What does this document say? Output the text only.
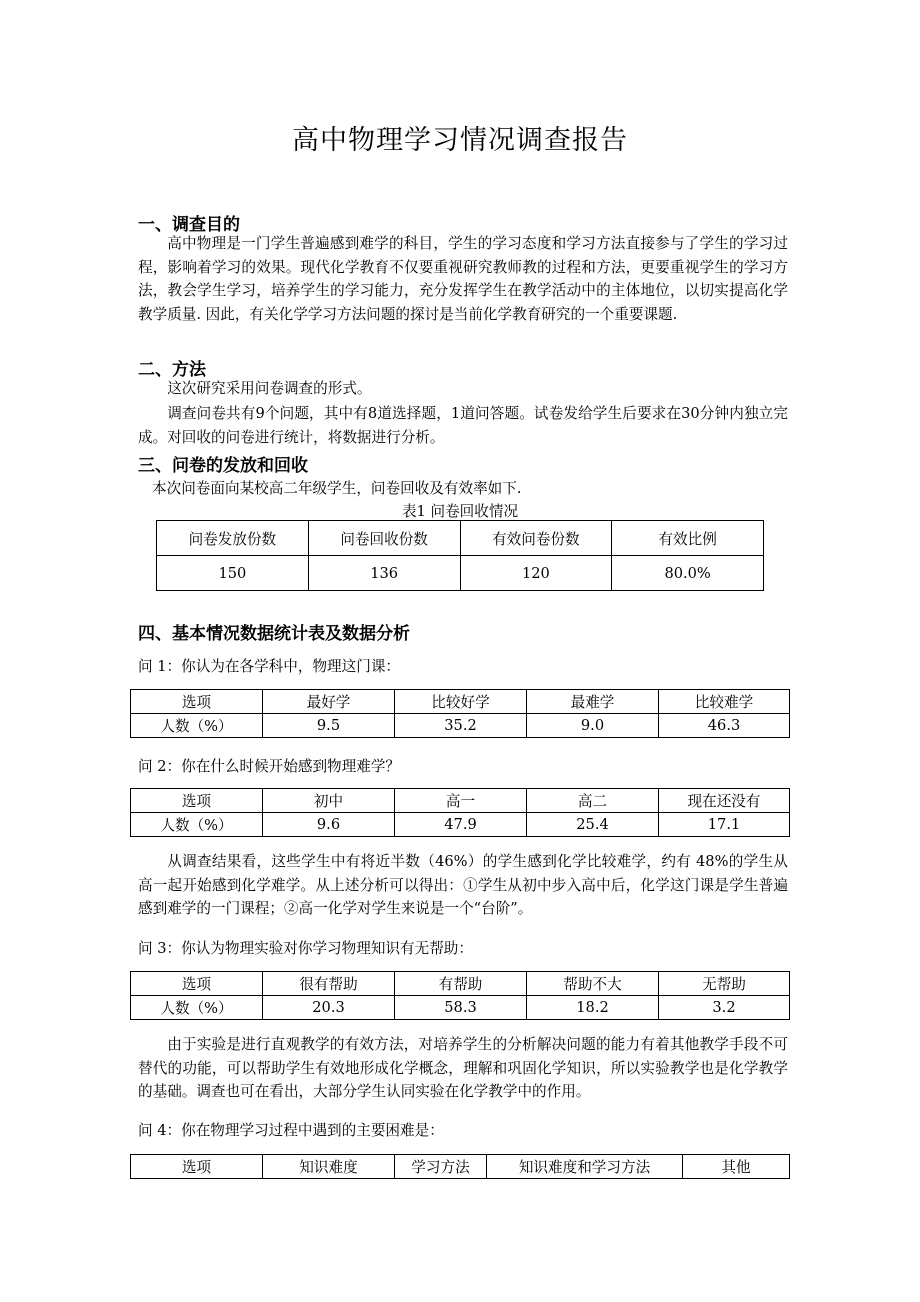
高中物理学习情况调查报告
一、调查目的
高中物理是一门学生普遍感到难学的科目，学生的学习态度和学习方法直接参与了学生的学习过程，影响着学习的效果。现代化学教育不仅要重视研究教师教的过程和方法，更要重视学生的学习方法，教会学生学习，培养学生的学习能力，充分发挥学生在教学活动中的主体地位，以切实提高化学教学质量. 因此，有关化学学习方法问题的探讨是当前化学教育研究的一个重要课题.
二、方法
这次研究采用问卷调查的形式。
调查问卷共有9个问题，其中有8道选择题，1道问答题。试卷发给学生后要求在30分钟内独立完成。对回收的问卷进行统计，将数据进行分析。
三、问卷的发放和回收
本次问卷面向某校高二年级学生，问卷回收及有效率如下.
表1 问卷回收情况
问卷发放份数	问卷回收份数	有效问卷份数	有效比例
150	136	120	80.0%
四、基本情况数据统计表及数据分析
问 1：你认为在各学科中，物理这门课：
选项	最好学	比较好学	最难学	比较难学
人数（%）	9.5	35.2	9.0	46.3
问 2：你在什么时候开始感到物理难学？
选项	初中	高一	高二	现在还没有
人数（%）	9.6	47.9	25.4	17.1
从调查结果看，这些学生中有将近半数（46%）的学生感到化学比较难学，约有 48%的学生从高一起开始感到化学难学。从上述分析可以得出：①学生从初中步入高中后，化学这门课是学生普遍感到难学的一门课程；②高一化学对学生来说是一个“台阶”。
问 3：你认为物理实验对你学习物理知识有无帮助：
选项	很有帮助	有帮助	帮助不大	无帮助
人数（%）	20.3	58.3	18.2	3.2
由于实验是进行直观教学的有效方法，对培养学生的分析解决问题的能力有着其他教学手段不可替代的功能，可以帮助学生有效地形成化学概念，理解和巩固化学知识，所以实验教学也是化学教学的基础。调查也可在看出，大部分学生认同实验在化学教学中的作用。
问 4：你在物理学习过程中遇到的主要困难是：
选项	知识难度	学习方法	知识难度和学习方法	其他
